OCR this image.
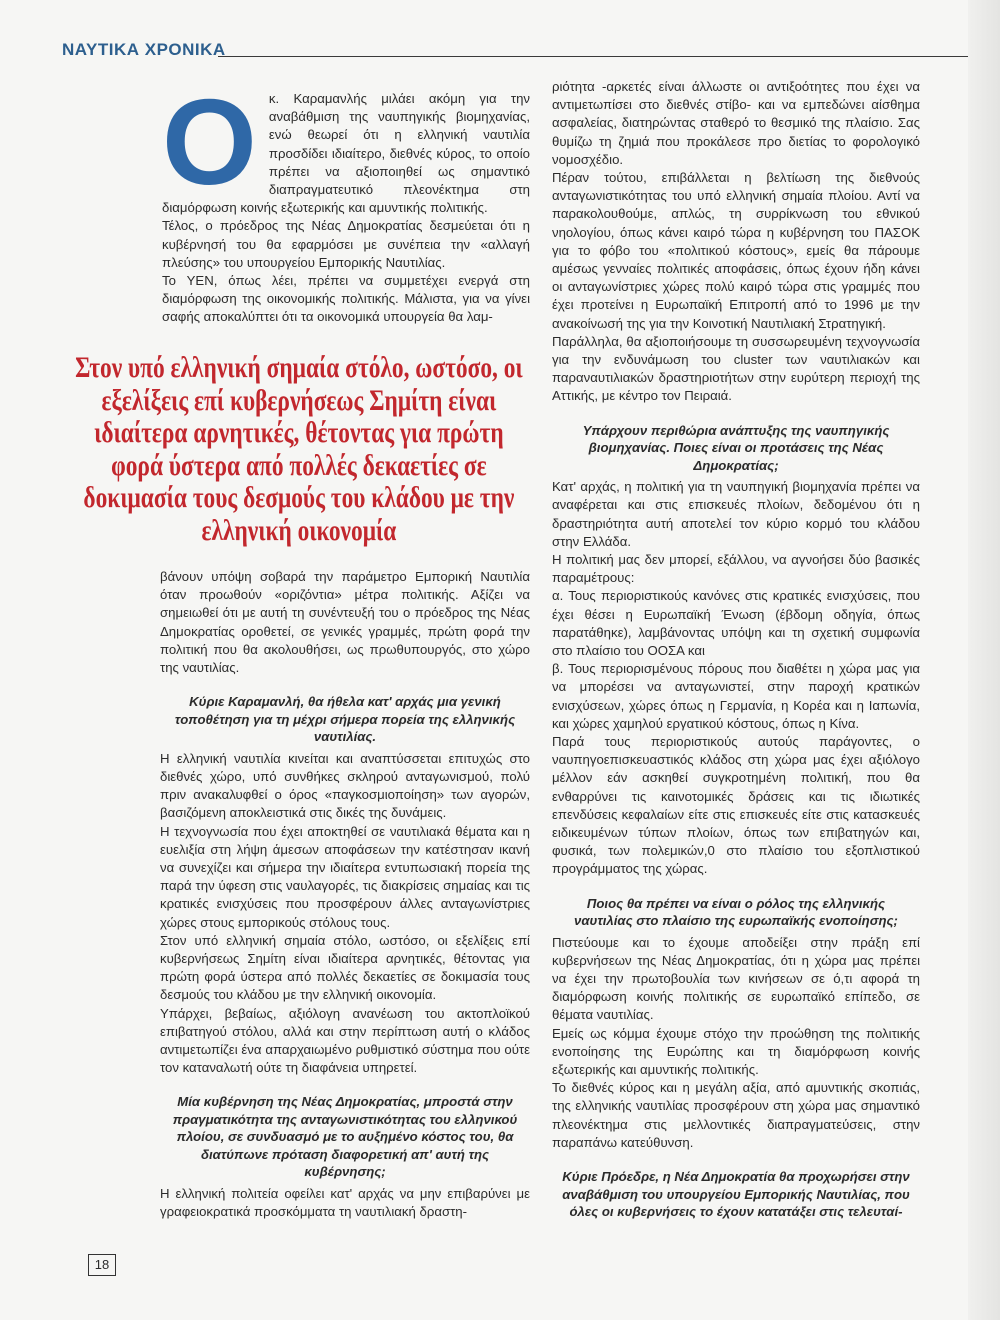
ΝΑΥΤΙΚΑ ΧΡΟΝΙΚΑ
Ο κ. Καραμανλής μιλάει ακόμη για την αναβάθμιση της ναυπηγικής βιομηχανίας, ενώ θεωρεί ότι η ελληνική ναυτιλία προσδίδει ιδιαίτερο, διεθνές κύρος, το οποίο πρέπει να αξιοποιηθεί ως σημαντικό διαπραγματευτικό πλεονέκτημα στη διαμόρφωση κοινής εξωτερικής και αμυντικής πολιτικής.

Τέλος, ο πρόεδρος της Νέας Δημοκρατίας δεσμεύεται ότι η κυβέρνησή του θα εφαρμόσει με συνέπεια την «αλλαγή πλεύσης» του υπουργείου Εμπορικής Ναυτιλίας.

Το ΥΕΝ, όπως λέει, πρέπει να συμμετέχει ενεργά στη διαμόρφωση της οικονομικής πολιτικής. Μάλιστα, για να γίνει σαφής αποκαλύπτει ότι τα οικονομικά υπουργεία θα λαμ-

Στον υπό ελληνική σημαία στόλο, ωστόσο, οι εξελίξεις επί κυβερνήσεως Σημίτη είναι ιδιαίτερα αρνητικές, θέτοντας για πρώτη φορά ύστερα από πολλές δεκαετίες σε δοκιμασία τους δεσμούς του κλάδου με την ελληνική οικονομία

βάνουν υπόψη σοβαρά την παράμετρο Εμπορική Ναυτιλία όταν προωθούν «οριζόντια» μέτρα πολιτικής. Αξίζει να σημειωθεί ότι με αυτή τη συνέντευξή του ο πρόεδρος της Νέας Δημοκρατίας οροθετεί, σε γενικές γραμμές, πρώτη φορά την πολιτική που θα ακολουθήσει, ως πρωθυπουργός, στο χώρο της ναυτιλίας.

Κύριε Καραμανλή, θα ήθελα κατ' αρχάς μια γενική τοποθέτηση για τη μέχρι σήμερα πορεία της ελληνικής ναυτιλίας.

Η ελληνική ναυτιλία κινείται και αναπτύσσεται επιτυχώς στο διεθνές χώρο, υπό συνθήκες σκληρού ανταγωνισμού, πολύ πριν ανακαλυφθεί ο όρος «παγκοσμιοποίηση» των αγορών, βασιζόμενη αποκλειστικά στις δικές της δυνάμεις.

Η τεχνογνωσία που έχει αποκτηθεί σε ναυτιλιακά θέματα και η ευελιξία στη λήψη άμεσων αποφάσεων την κατέστησαν ικανή να συνεχίζει και σήμερα την ιδιαίτερα εντυπωσιακή πορεία της παρά την ύφεση στις ναυλαγορές, τις διακρίσεις σημαίας και τις κρατικές ενισχύσεις που προσφέρουν άλλες ανταγωνίστριες χώρες στους εμπορικούς στόλους τους.

Στον υπό ελληνική σημαία στόλο, ωστόσο, οι εξελίξεις επί κυβερνήσεως Σημίτη είναι ιδιαίτερα αρνητικές, θέτοντας για πρώτη φορά ύστερα από πολλές δεκαετίες σε δοκιμασία τους δεσμούς του κλάδου με την ελληνική οικονομία.

Υπάρχει, βεβαίως, αξιόλογη ανανέωση του ακτοπλοϊκού επιβατηγού στόλου, αλλά και στην περίπτωση αυτή ο κλάδος αντιμετωπίζει ένα απαρχαιωμένο ρυθμιστικό σύστημα που ούτε τον καταναλωτή ούτε τη διαφάνεια υπηρετεί.

Μία κυβέρνηση της Νέας Δημοκρατίας, μπροστά στην πραγματικότητα της ανταγωνιστικότητας του ελληνικού πλοίου, σε συνδυασμό με το αυξημένο κόστος του, θα διατύπωνε πρόταση διαφορετική απ' αυτή της κυβέρνησης;

Η ελληνική πολιτεία οφείλει κατ' αρχάς να μην επιβαρύνει με γραφειοκρατικά προσκόμματα τη ναυτιλιακή δραστη-

ριότητα -αρκετές είναι άλλωστε οι αντιξοότητες που έχει να αντιμετωπίσει στο διεθνές στίβο- και να εμπεδώνει αίσθημα ασφαλείας, διατηρώντας σταθερό το θεσμικό της πλαίσιο. Σας θυμίζω τη ζημιά που προκάλεσε προ διετίας το φορολογικό νομοσχέδιο.

Πέραν τούτου, επιβάλλεται η βελτίωση της διεθνούς ανταγωνιστικότητας του υπό ελληνική σημαία πλοίου. Αντί να παρακολουθούμε, απλώς, τη συρρίκνωση του εθνικού νηολογίου, όπως κάνει καιρό τώρα η κυβέρνηση του ΠΑΣΟΚ για το φόβο του «πολιτικού κόστους», εμείς θα πάρουμε αμέσως γενναίες πολιτικές αποφάσεις, όπως έχουν ήδη κάνει οι ανταγωνίστριες χώρες πολύ καιρό τώρα στις γραμμές που έχει προτείνει η Ευρωπαϊκή Επιτροπή από το 1996 με την ανακοίνωσή της για την Κοινοτική Ναυτιλιακή Στρατηγική.

Παράλληλα, θα αξιοποιήσουμε τη συσσωρευμένη τεχνογνωσία για την ενδυνάμωση του cluster των ναυτιλιακών και παραναυτιλιακών δραστηριοτήτων στην ευρύτερη περιοχή της Αττικής, με κέντρο τον Πειραιά.

Υπάρχουν περιθώρια ανάπτυξης της ναυπηγικής βιομηχανίας. Ποιες είναι οι προτάσεις της Νέας Δημοκρατίας;

Κατ' αρχάς, η πολιτική για τη ναυπηγική βιομηχανία πρέπει να αναφέρεται και στις επισκευές πλοίων, δεδομένου ότι η δραστηριότητα αυτή αποτελεί τον κύριο κορμό του κλάδου στην Ελλάδα.

Η πολιτική μας δεν μπορεί, εξάλλου, να αγνοήσει δύο βασικές παραμέτρους:

α. Τους περιοριστικούς κανόνες στις κρατικές ενισχύσεις, που έχει θέσει η Ευρωπαϊκή Ένωση (έβδομη οδηγία, όπως παρατάθηκε), λαμβάνοντας υπόψη και τη σχετική συμφωνία στο πλαίσιο του ΟΟΣΑ και

β. Τους περιορισμένους πόρους που διαθέτει η χώρα μας για να μπορέσει να ανταγωνιστεί, στην παροχή κρατικών ενισχύσεων, χώρες όπως η Γερμανία, η Κορέα και η Ιαπωνία, και χώρες χαμηλού εργατικού κόστους, όπως η Κίνα.

Παρά τους περιοριστικούς αυτούς παράγοντες, ο ναυπηγοεπισκευαστικός κλάδος στη χώρα μας έχει αξιόλογο μέλλον εάν ασκηθεί συγκροτημένη πολιτική, που θα ενθαρρύνει τις καινοτομικές δράσεις και τις ιδιωτικές επενδύσεις κεφαλαίων είτε στις επισκευές είτε στις κατασκευές ειδικευμένων τύπων πλοίων, όπως των επιβατηγών και, φυσικά, των πολεμικών,0 στο πλαίσιο του εξοπλιστικού προγράμματος της χώρας.

Ποιος θα πρέπει να είναι ο ρόλος της ελληνικής ναυτιλίας στο πλαίσιο της ευρωπαϊκής ενοποίησης;

Πιστεύουμε και το έχουμε αποδείξει στην πράξη επί κυβερνήσεων της Νέας Δημοκρατίας, ότι η χώρα μας πρέπει να έχει την πρωτοβουλία των κινήσεων σε ό,τι αφορά τη διαμόρφωση κοινής πολιτικής σε ευρωπαϊκό επίπεδο, σε θέματα ναυτιλίας.

Εμείς ως κόμμα έχουμε στόχο την προώθηση της πολιτικής ενοποίησης της Ευρώπης και τη διαμόρφωση κοινής εξωτερικής και αμυντικής πολιτικής.

Το διεθνές κύρος και η μεγάλη αξία, από αμυντικής σκοπιάς, της ελληνικής ναυτιλίας προσφέρουν στη χώρα μας σημαντικό πλεονέκτημα στις μελλοντικές διαπραγματεύσεις, στην παραπάνω κατεύθυνση.

Κύριε Πρόεδρε, η Νέα Δημοκρατία θα προχωρήσει στην αναβάθμιση του υπουργείου Εμπορικής Ναυτιλίας, που όλες οι κυβερνήσεις το έχουν κατατάξει στις τελευταί-

18
